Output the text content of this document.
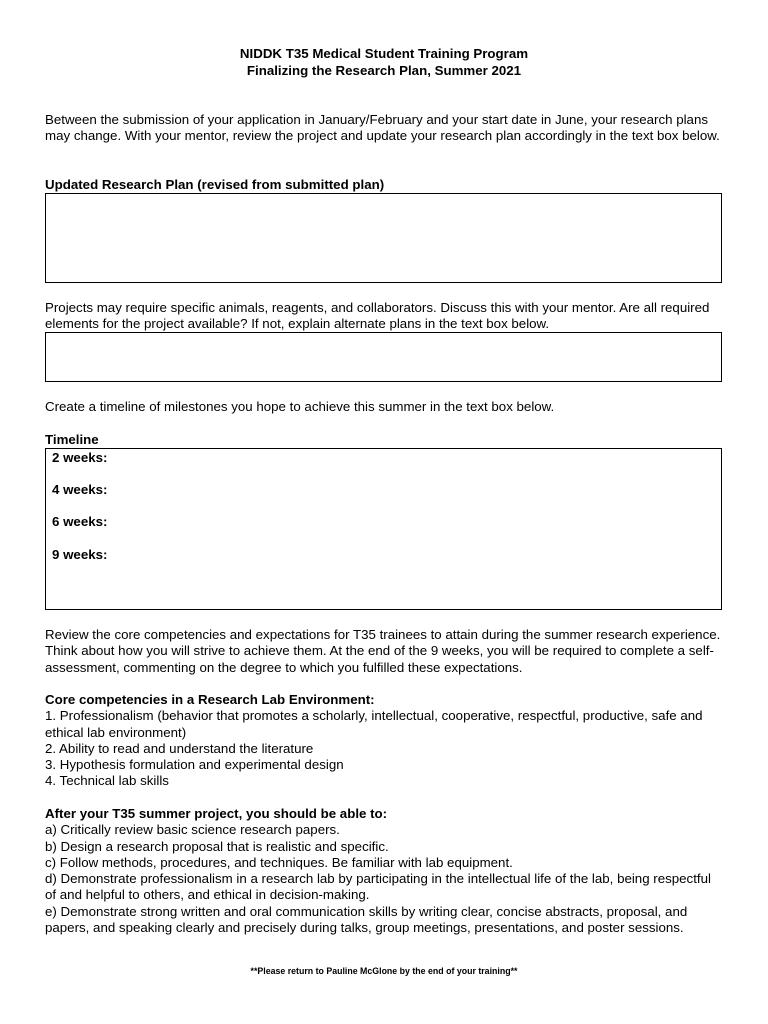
NIDDK T35 Medical Student Training Program
Finalizing the Research Plan, Summer 2021

Between the submission of your application in January/February and your start date in June, your research plans may change. With your mentor, review the project and update your research plan accordingly in the text box below.

Updated Research Plan (revised from submitted plan)

Projects may require specific animals, reagents, and collaborators. Discuss this with your mentor. Are all required elements for the project available? If not, explain alternate plans in the text box below.

Create a timeline of milestones you hope to achieve this summer in the text box below.

Timeline
2 weeks:
4 weeks:
6 weeks:
9 weeks:

Review the core competencies and expectations for T35 trainees to attain during the summer research experience. Think about how you will strive to achieve them. At the end of the 9 weeks, you will be required to complete a self-assessment, commenting on the degree to which you fulfilled these expectations.

Core competencies in a Research Lab Environment:
1. Professionalism (behavior that promotes a scholarly, intellectual, cooperative, respectful, productive, safe and ethical lab environment)
2. Ability to read and understand the literature
3. Hypothesis formulation and experimental design
4. Technical lab skills
After your T35 summer project, you should be able to:
a) Critically review basic science research papers.
b) Design a research proposal that is realistic and specific.
c) Follow methods, procedures, and techniques. Be familiar with lab equipment.
d) Demonstrate professionalism in a research lab by participating in the intellectual life of the lab, being respectful of and helpful to others, and ethical in decision-making.
e) Demonstrate strong written and oral communication skills by writing clear, concise abstracts, proposal, and papers, and speaking clearly and precisely during talks, group meetings, presentations, and poster sessions.
**Please return to Pauline McGlone by the end of your training**
